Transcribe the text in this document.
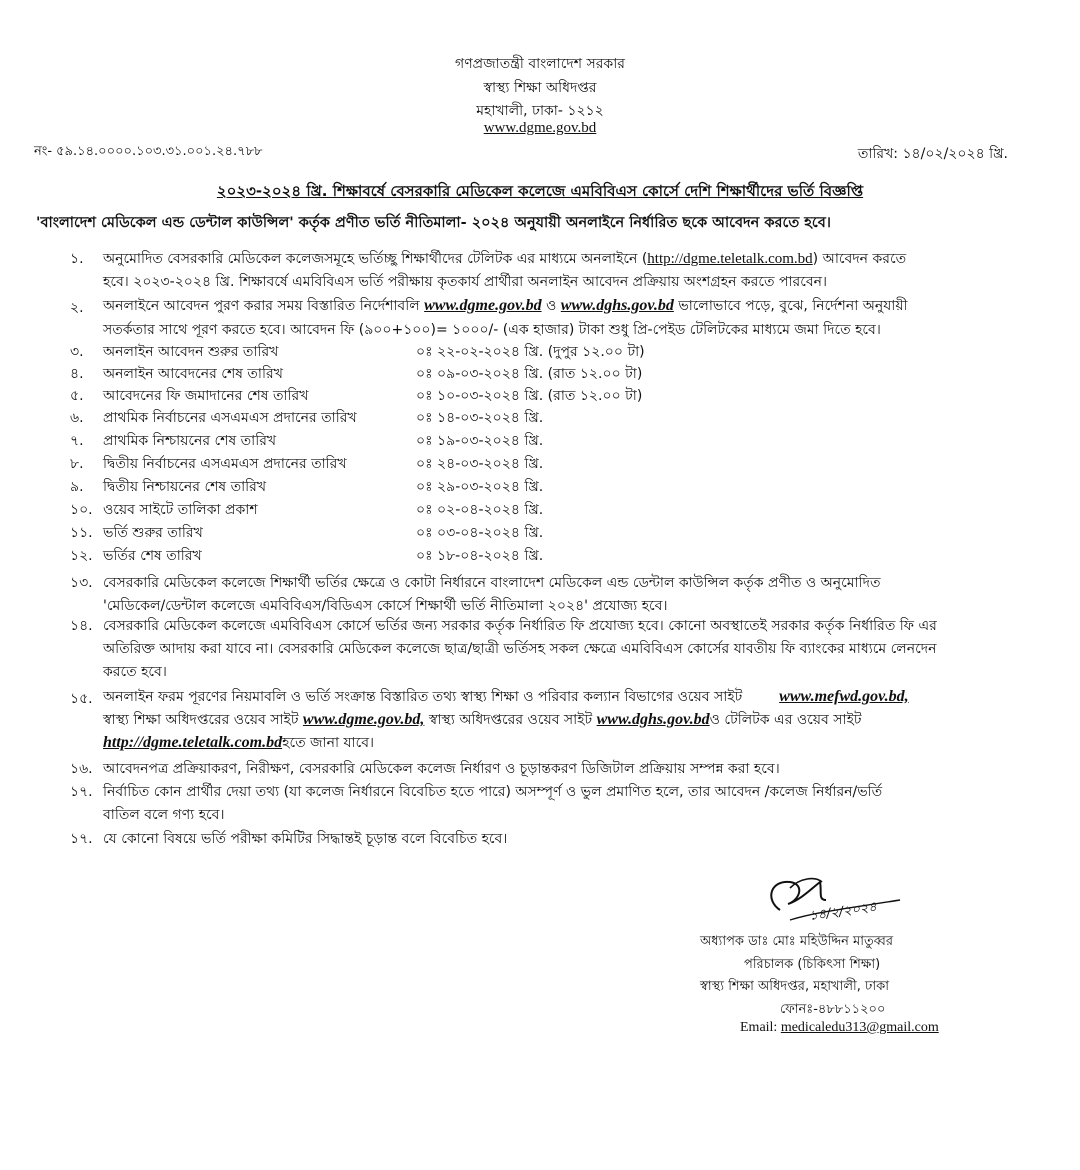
গণপ্রজাতন্ত্রী বাংলাদেশ সরকার
স্বাস্থ্য শিক্ষা অধিদপ্তর
মহাখালী, ঢাকা- ১২১২
www.dgme.gov.bd
নং- ৫৯.১৪.০০০০.১০৩.৩১.০০১.২৪.৭৮৮	তারিখ: ১৪/০২/২০২৪ খ্রি.
২০২৩-২০২৪ খ্রি. শিক্ষাবর্ষে বেসরকারি মেডিকেল কলেজে এমবিবিএস কোর্সে দেশি শিক্ষার্থীদের ভর্তি বিজ্ঞপ্তি
'বাংলাদেশ মেডিকেল এন্ড ডেন্টাল কাউন্সিল' কর্তৃক প্রণীত ভর্তি নীতিমালা- ২০২৪ অনুযায়ী অনলাইনে নির্ধারিত ছকে আবেদন করতে হবে।
১. অনুমোদিত বেসরকারি মেডিকেল কলেজসমূহে ভর্তিচ্ছু শিক্ষার্থীদের টেলিটক এর মাধ্যমে অনলাইনে (http://dgme.teletalk.com.bd) আবেদন করতে
হবে। ২০২৩-২০২৪ খ্রি. শিক্ষাবর্ষে এমবিবিএস ভর্তি পরীক্ষায় কৃতকার্য প্রার্থীরা অনলাইন আবেদন প্রক্রিয়ায় অংশগ্রহন করতে পারবেন।
২. অনলাইনে আবেদন পুরণ করার সময় বিস্তারিত নির্দেশাবলি www.dgme.gov.bd ও www.dghs.gov.bd ভালোভাবে পড়ে, বুঝে, নির্দেশনা অনুযায়ী
সতর্কতার সাথে পূরণ করতে হবে। আবেদন ফি (৯০০+১০০)= ১০০০/- (এক হাজার) টাকা শুধু প্রি-পেইড টেলিটকের মাধ্যমে জমা দিতে হবে।
৩. অনলাইন আবেদন শুরুর তারিখ	০ঃ ২২-০২-২০২৪ খ্রি. (দুপুর ১২.০০ টা)
৪. অনলাইন আবেদনের শেষ তারিখ	০ঃ ০৯-০৩-২০২৪ খ্রি. (রাত ১২.০০ টা)
৫. আবেদনের ফি জমাদানের শেষ তারিখ	০ঃ ১০-০৩-২০২৪ খ্রি. (রাত ১২.০০ টা)
৬. প্রাথমিক নির্বাচনের এসএমএস প্রদানের তারিখ	০ঃ ১৪-০৩-২০২৪ খ্রি.
৭. প্রাথমিক নিশ্চায়নের শেষ তারিখ	০ঃ ১৯-০৩-২০২৪ খ্রি.
৮. দ্বিতীয় নির্বাচনের এসএমএস প্রদানের তারিখ	০ঃ ২৪-০৩-২০২৪ খ্রি.
৯. দ্বিতীয় নিশ্চায়নের শেষ তারিখ	০ঃ ২৯-০৩-২০২৪ খ্রি.
১০. ওয়েব সাইটে তালিকা প্রকাশ	০ঃ ০২-০৪-২০২৪ খ্রি.
১১. ভর্তি শুরুর তারিখ	০ঃ ০৩-০৪-২০২৪ খ্রি.
১২. ভর্তির শেষ তারিখ	০ঃ ১৮-০৪-২০২৪ খ্রি.
১৩. বেসরকারি মেডিকেল কলেজে শিক্ষার্থী ভর্তির ক্ষেত্রে ও কোটা নির্ধারনে বাংলাদেশ মেডিকেল এন্ড ডেন্টাল কাউন্সিল কর্তৃক প্রণীত ও অনুমোদিত
'মেডিকেল/ডেন্টাল কলেজে এমবিবিএস/বিডিএস কোর্সে শিক্ষার্থী ভর্তি নীতিমালা ২০২৪' প্রযোজ্য হবে।
১৪. বেসরকারি মেডিকেল কলেজে এমবিবিএস কোর্সে ভর্তির জন্য সরকার কর্তৃক নির্ধারিত ফি প্রযোজ্য হবে। কোনো অবস্থাতেই সরকার কর্তৃক নির্ধারিত ফি এর
অতিরিক্ত আদায় করা যাবে না। বেসরকারি মেডিকেল কলেজে ছাত্র/ছাত্রী ভর্তিসহ সকল ক্ষেত্রে এমবিবিএস কোর্সের যাবতীয় ফি ব্যাংকের মাধ্যমে লেনদেন
করতে হবে।
১৫. অনলাইন ফরম পূরণের নিয়মাবলি ও ভর্তি সংক্রান্ত বিস্তারিত তথ্য স্বাস্থ্য শিক্ষা ও পরিবার কল্যান বিভাগের ওয়েব সাইট www.mefwd.gov.bd,
স্বাস্থ্য শিক্ষা অধিদপ্তরের ওয়েব সাইট www.dgme.gov.bd, স্বাস্থ্য অধিদপ্তরের ওয়েব সাইট www.dghs.gov.bdও টেলিটক এর ওয়েব সাইট
http://dgme.teletalk.com.bdহতে জানা যাবে।
১৬. আবেদনপত্র প্রক্রিয়াকরণ, নিরীক্ষণ, বেসরকারি মেডিকেল কলেজ নির্ধারণ ও চূড়ান্তকরণ ডিজিটাল প্রক্রিয়ায় সম্পন্ন করা হবে।
১৭. নির্বাচিত কোন প্রার্থীর দেয়া তথ্য (যা কলেজ নির্ধারনে বিবেচিত হতে পারে) অসম্পূর্ণ ও ভুল প্রমাণিত হলে, তার আবেদন /কলেজ নির্ধারন/ভর্তি
বাতিল বলে গণ্য হবে।
১৭. যে কোনো বিষয়ে ভর্তি পরীক্ষা কমিটির সিদ্ধান্তই চূড়ান্ত বলে বিবেচিত হবে।
১৪/২/২০২৪
অধ্যাপক ডাঃ মোঃ মহিউদ্দিন মাতুব্বর
পরিচালক (চিকিৎসা শিক্ষা)
স্বাস্থ্য শিক্ষা অধিদপ্তর, মহাখালী, ঢাকা
ফোনঃ-৪৮৮১১২০০
Email: medicaledu313@gmail.com
